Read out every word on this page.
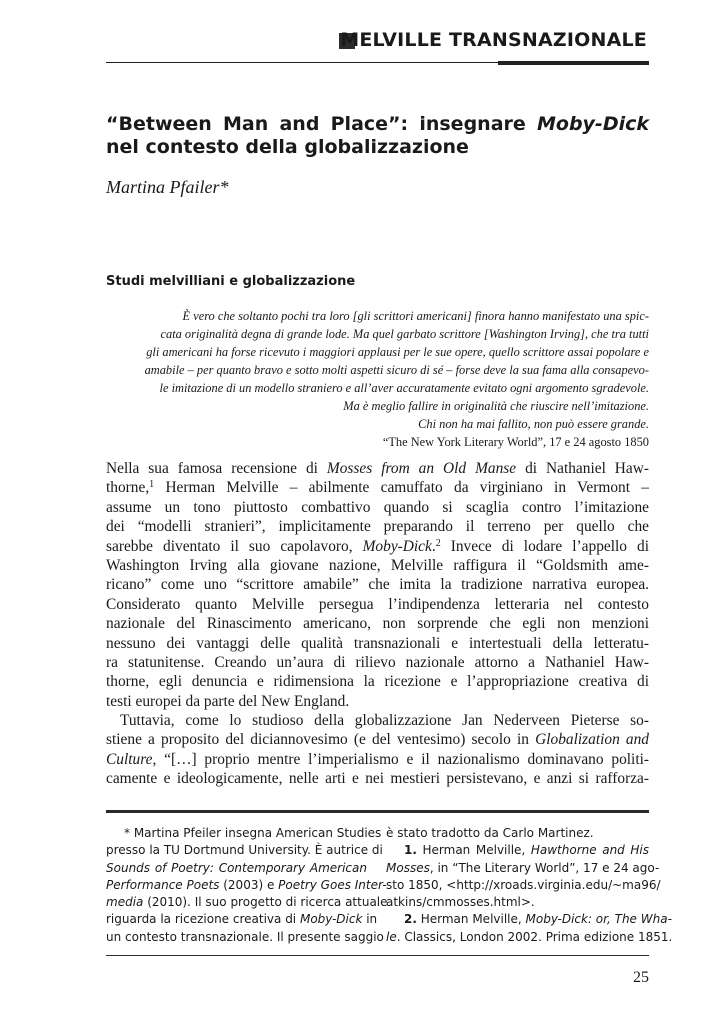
MELVILLE TRANSNAZIONALE
“Between Man and Place”: insegnare Moby-Dick nel contesto della globalizzazione
Martina Pfailer*
Studi melvilliani e globalizzazione
È vero che soltanto pochi tra loro [gli scrittori americani] finora hanno manifestato una spic-
cata originalità degna di grande lode. Ma quel garbato scrittore [Washington Irving], che tra tutti
gli americani ha forse ricevuto i maggiori applausi per le sue opere, quello scrittore assai popolare e
amabile – per quanto bravo e sotto molti aspetti sicuro di sé – forse deve la sua fama alla consapevo-
le imitazione di un modello straniero e all’aver accuratamente evitato ogni argomento sgradevole.
Ma è meglio fallire in originalità che riuscire nell’imitazione.
Chi non ha mai fallito, non può essere grande.
“The New York Literary World”, 17 e 24 agosto 1850
Nella sua famosa recensione di Mosses from an Old Manse di Nathaniel Haw-
thorne,$^1$ Herman Melville – abilmente camuffato da virginiano in Vermont –
assume un tono piuttosto combattivo quando si scaglia contro l’imitazione
dei “modelli stranieri”, implicitamente preparando il terreno per quello che
sarebbe diventato il suo capolavoro, Moby-Dick.$^2$ Invece di lodare l’appello di
Washington Irving alla giovane nazione, Melville raffigura il “Goldsmith ame-
ricano” come uno “scrittore amabile” che imita la tradizione narrativa europea.
Considerato quanto Melville persegua l’indipendenza letteraria nel contesto
nazionale del Rinascimento americano, non sorprende che egli non menzioni
nessuno dei vantaggi delle qualità transnazionali e intertestuali della letteratu-
ra statunitense. Creando un’aura di rilievo nazionale attorno a Nathaniel Haw-
thorne, egli denuncia e ridimensiona la ricezione e l’appropriazione creativa di
testi europei da parte del New England.
Tuttavia, come lo studioso della globalizzazione Jan Nederveen Pieterse so-
stiene a proposito del diciannovesimo (e del ventesimo) secolo in Globalization and
Culture, “[…] proprio mentre l’imperialismo e il nazionalismo dominavano politi-
camente e ideologicamente, nelle arti e nei mestieri persistevano, e anzi si rafforza-
* Martina Pfeiler insegna American Studies
presso la TU Dortmund University. È autrice di
Sounds of Poetry: Contemporary American
Performance Poets (2003) e Poetry Goes Inter-
media (2010). Il suo progetto di ricerca attuale
riguarda la ricezione creativa di Moby-Dick in
un contesto transnazionale. Il presente saggio
è stato tradotto da Carlo Martinez.
1. Herman Melville, Hawthorne and His
Mosses, in “The Literary World”, 17 e 24 ago-
sto 1850, <http://xroads.virginia.edu/~ma96/
atkins/cmmosses.html>.
2. Herman Melville, Moby-Dick: or, The Wha-
le. Classics, London 2002. Prima edizione 1851.
25
